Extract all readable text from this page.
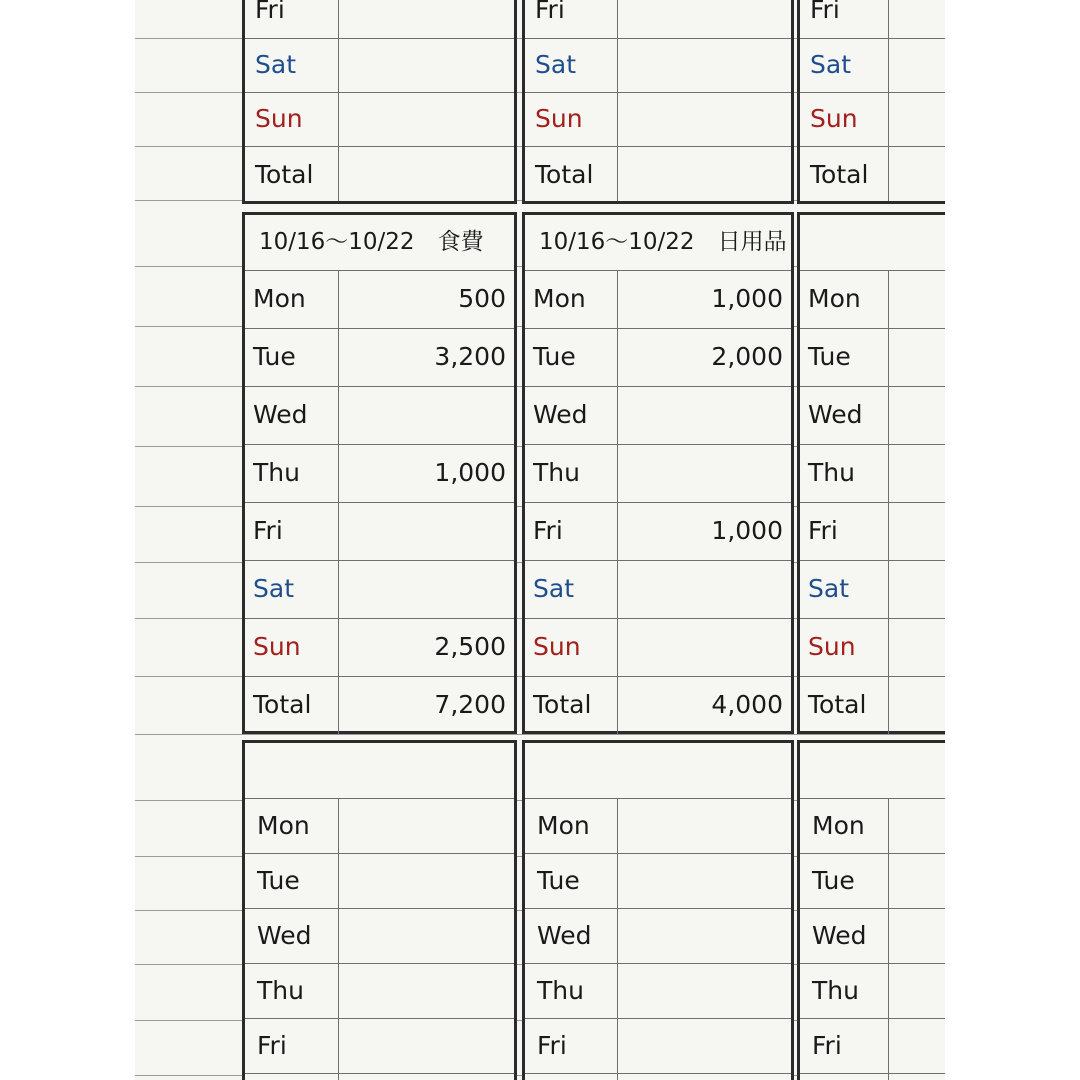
Fri
Sat
Sun
Total
Fri
Sat
Sun
Total
Fri
Sat
Sun
Total
10/16～10/22　食費
Mon	500
Tue	3,200
Wed
Thu	1,000
Fri
Sat
Sun	2,500
Total	7,200
10/16～10/22　日用品
Mon	1,000
Tue	2,000
Wed
Thu
Fri	1,000
Sat
Sun
Total	4,000
Mon
Tue
Wed
Thu
Fri
Sat
Sun
Total
Mon
Tue
Wed
Thu
Fri
Mon
Tue
Wed
Thu
Fri
Mon
Tue
Wed
Thu
Fri
